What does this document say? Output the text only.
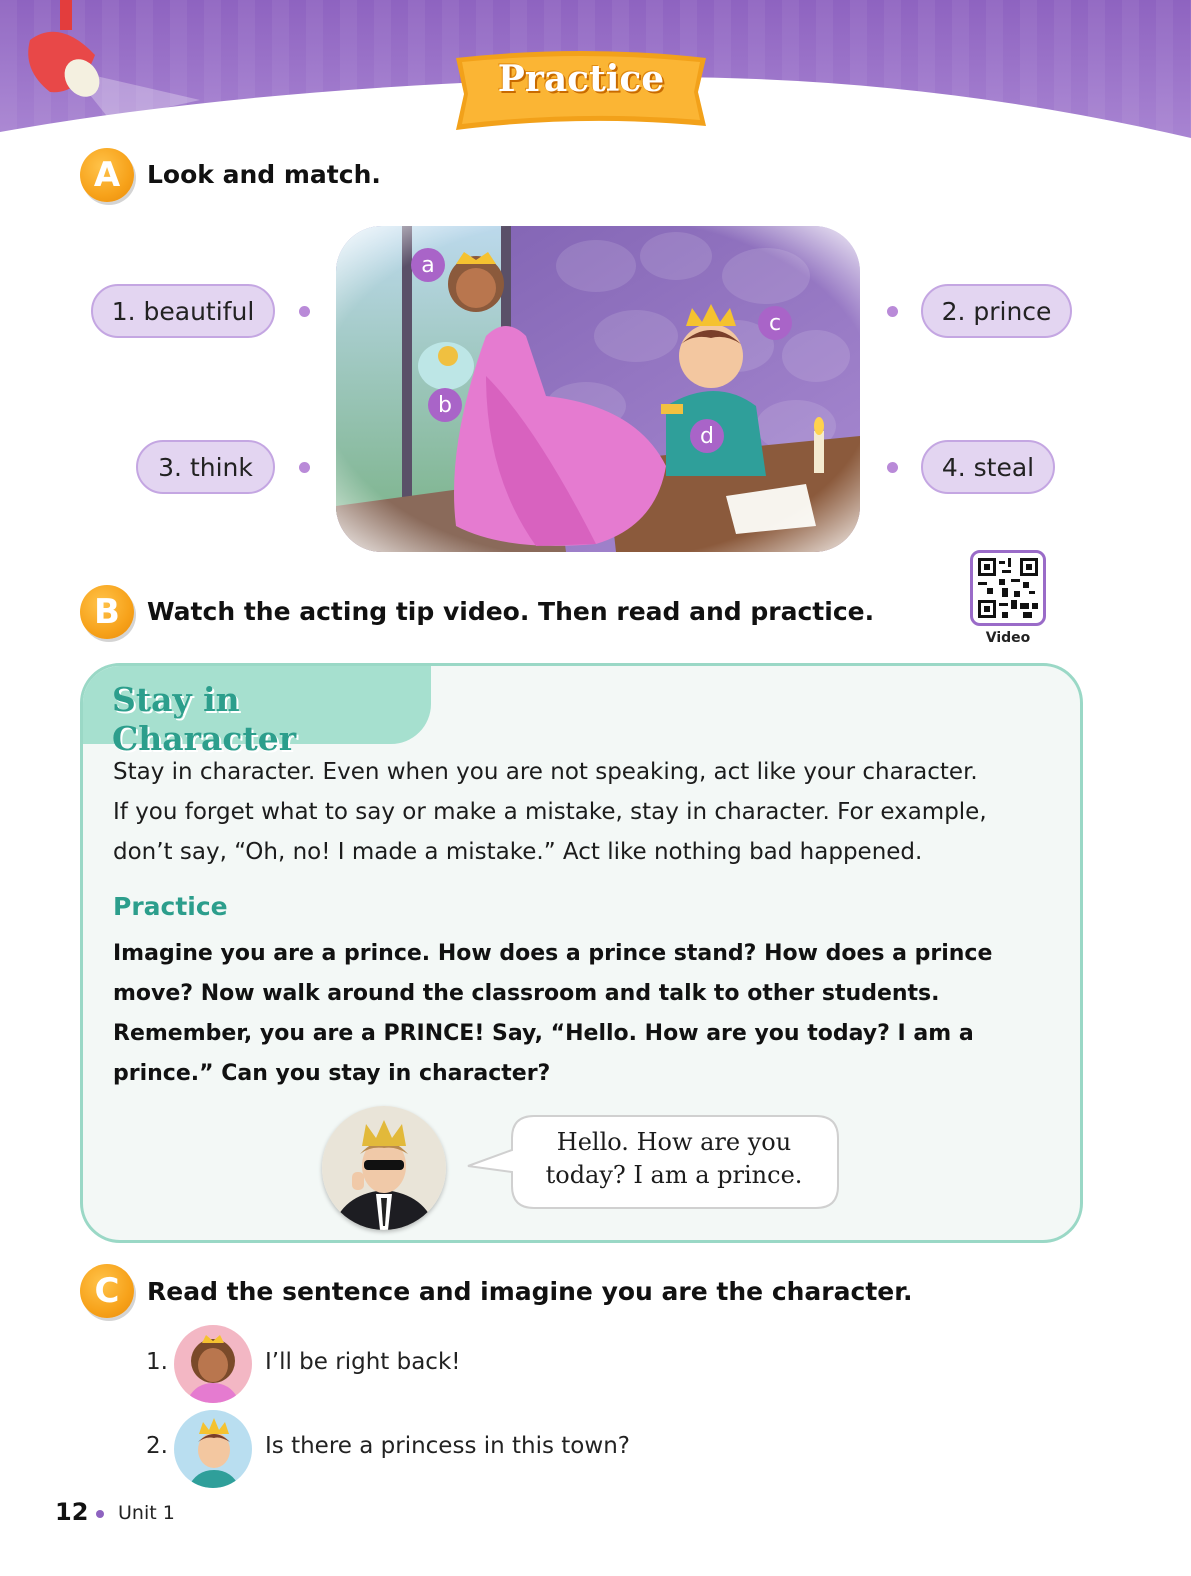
Practice
A	Look and match.
1. beautiful	2. prince
3. think	4. steal
a
b
c
d
B	Watch the acting tip video. Then read and practice.
Video
Stay in Character
Stay in character. Even when you are not speaking, act like your character.
If you forget what to say or make a mistake, stay in character. For example,
don’t say, “Oh, no! I made a mistake.” Act like nothing bad happened.
Practice
Imagine you are a prince. How does a prince stand? How does a prince
move? Now walk around the classroom and talk to other students.
Remember, you are a PRINCE! Say, “Hello. How are you today? I am a
prince.” Can you stay in character?
Hello. How are you
today? I am a prince.
C	Read the sentence and imagine you are the character.
1.	I’ll be right back!
2.	Is there a princess in this town?
12 Unit 1
